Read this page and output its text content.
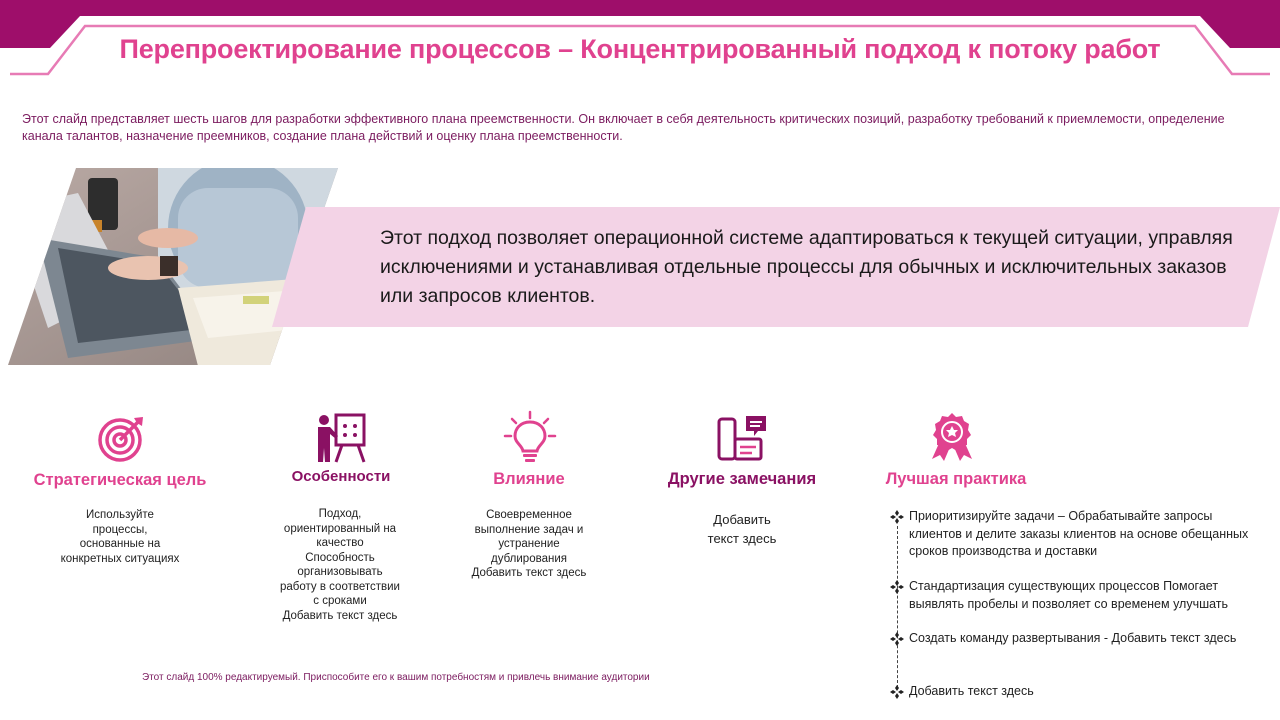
Перепроектирование процессов – Концентрированный подход к потоку работ
Этот слайд представляет шесть шагов для разработки эффективного плана преемственности. Он включает в себя деятельность критических позиций, разработку требований к приемлемости, определение канала талантов, назначение преемников, создание плана действий и оценку плана преемственности.
Этот подход позволяет операционной системе адаптироваться к текущей ситуации, управляя исключениями и устанавливая отдельные процессы для обычных и исключительных заказов или запросов клиентов.
Стратегическая цель
Используйте
процессы,
основанные на
конкретных ситуациях
Особенности
Подход,
ориентированный на
качество
Способность
организовывать
работу в соответствии
с сроками
Добавить текст здесь
Влияние
Своевременное
выполнение задач и
устранение
дублирования
Добавить текст здесь
Другие замечания
Добавить
текст здесь
Лучшая практика
Приоритизируйте задачи – Обрабатывайте запросы клиентов и делите заказы клиентов на основе обещанных сроков производства и доставки
Стандартизация существующих процессов Помогает выявлять пробелы и позволяет со временем улучшать
Создать команду развертывания - Добавить текст здесь
Добавить текст здесь
Этот слайд 100% редактируемый. Приспособите его к вашим потребностям и привлечь внимание аудитории
